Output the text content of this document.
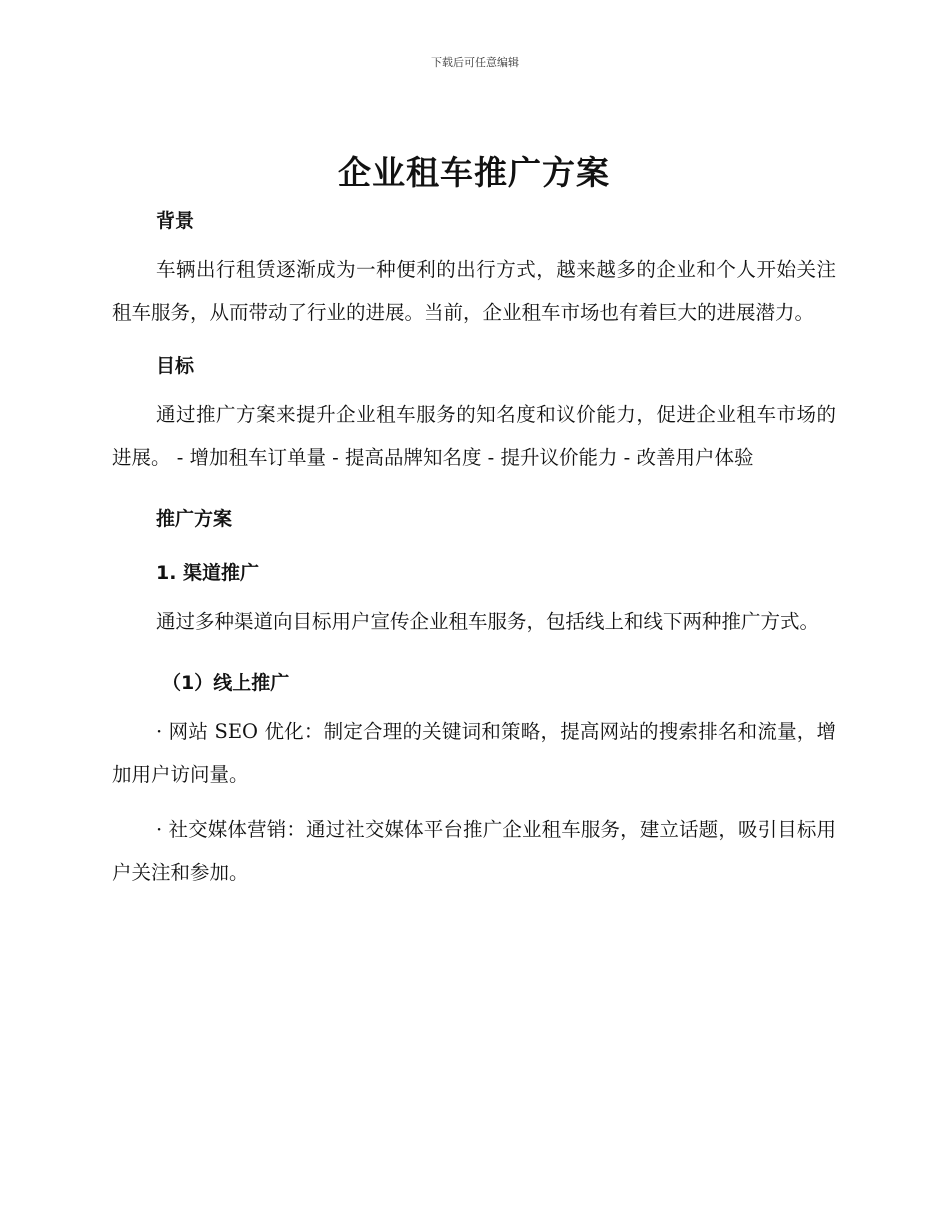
下载后可任意编辑
企业租车推广方案
背景

车辆出行租赁逐渐成为一种便利的出行方式，越来越多的企业和个人开始关注租车服务，从而带动了行业的进展。当前，企业租车市场也有着巨大的进展潜力。

目标

通过推广方案来提升企业租车服务的知名度和议价能力，促进企业租车市场的进展。 - 增加租车订单量 - 提高品牌知名度 - 提升议价能力 - 改善用户体验

推广方案
1. 渠道推广

通过多种渠道向目标用户宣传企业租车服务，包括线上和线下两种推广方式。

（1）线上推广

· 网站 SEO 优化：制定合理的关键词和策略，提高网站的搜索排名和流量，增加用户访问量。

· 社交媒体营销：通过社交媒体平台推广企业租车服务，建立话题，吸引目标用户关注和参加。
